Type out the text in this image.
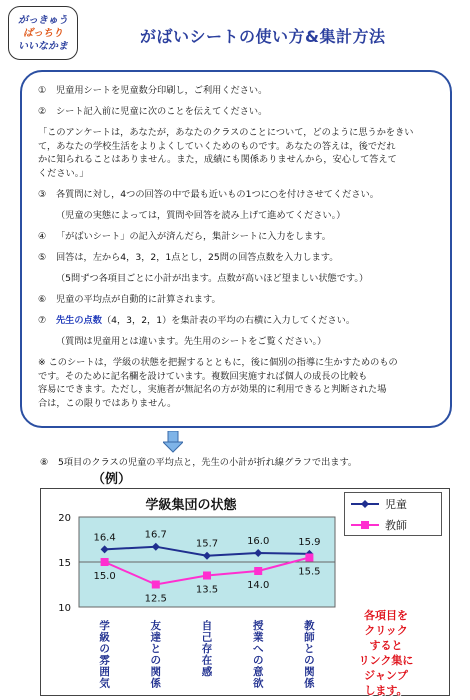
がっきゅう
ばっちり
いいなかま	がばいシートの使い方&集計方法
① 児童用シートを児童数分印刷し，ご利用ください。
② シート記入前に児童に次のことを伝えてください。
「このアンケートは，あなたが，あなたのクラスのことについて，どのように思うかをきい
て，あなたの学校生活をよりよくしていくためのものです。あなたの答えは，後でだれ
かに知られることはありません。また，成績にも関係ありませんから，安心して答えて
ください。」
③ 各質問に対し，4つの回答の中で最も近いもの1つに○を付けさせてください。
（児童の実態によっては，質問や回答を読み上げて進めてください。）
④ 「がばいシート」の記入が済んだら，集計シートに入力をします。
⑤ 回答は，左から4，3，2，1点とし，25問の回答点数を入力します。
（5問ずつ各項目ごとに小計が出ます。点数が高いほど望ましい状態です。）
⑥ 児童の平均点が自動的に計算されます。
⑦ 先生の点数（4，3，2，1）を集計表の平均の右横に入力してください。
（質問は児童用とは違います。先生用のシートをご覧ください。）
※ このシートは，学級の状態を把握するとともに，後に個別の指導に生かすためのもの
です。そのために記名欄を設けています。複数回実施すれば個人の成長の比較も
容易にできます。ただし，実施者が無記名の方が効果的に利用できると判断された場
合は，この限りではありません。
⑧ 5項目のクラスの児童の平均点と，先生の小計が折れ線グラフで出ます。
（例）
学級集団の状態
10
15
20
16.4	16.7
15.7	16.0	15.9
15.0
12.5
13.5	14.0
15.5
学
級
の
雰
囲
気
友
達
と
の
関
係
自
己
存
在
感
授
業
へ
の
意
欲
教
師
と
の
関
係
児童
教師
各項目を
クリック
すると
リンク集に
ジャンプ
します。
